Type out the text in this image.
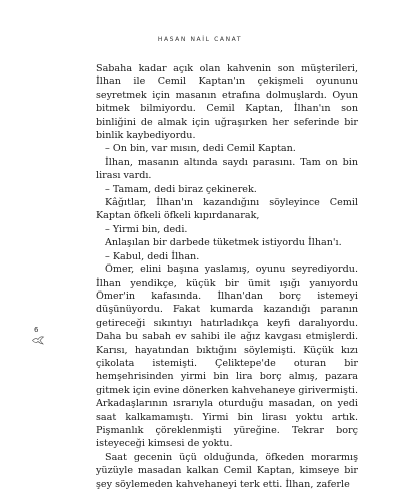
HASAN NAİL CANAT
6

Sabaha kadar açık olan kahvenin son müşterileri, İlhan ile Cemil Kaptan'ın çekişmeli oyununu seyretmek için masanın etrafına dolmuşlardı. Oyun bitmek bilmiyordu. Cemil Kaptan, İlhan'ın son binliğini de almak için uğraşırken her seferinde bir binlik kaybediyordu.

– On bin, var mısın, dedi Cemil Kaptan.

İlhan, masanın altında saydı parasını. Tam on bin lirası vardı.

– Tamam, dedi biraz çekinerek.

Kâğıtlar, İlhan'ın kazandığını söyleyince Cemil Kaptan öfkeli öfkeli kıpırdanarak,

– Yirmi bin, dedi.

Anlaşılan bir darbede tüketmek istiyordu İlhan'ı.

– Kabul, dedi İlhan.

Ömer, elini başına yaslamış, oyunu seyrediyordu. İlhan yendikçe, küçük bir ümit ışığı yanıyordu Ömer'in kafasında. İlhan'dan borç istemeyi düşünüyordu. Fakat kumarda kazandığı paranın getireceği sıkıntıyı hatırladıkça keyfi daralıyordu. Daha bu sabah ev sahibi ile ağız kavgası etmişlerdi. Karısı, hayatından bıktığını söylemişti. Küçük kızı çikolata istemişti. Çeliktepe'de oturan bir hemşehrisinden yirmi bin lira borç almış, pazara gitmek için evine dönerken kahvehaneye girivermişti. Arkadaşlarının ısrarıyla oturduğu masadan, on yedi saat kalkamamıştı. Yirmi bin lirası yoktu artık. Pişmanlık çöreklenmişti yüreğine. Tekrar borç isteyeceği kimsesi de yoktu.

Saat gecenin üçü olduğunda, öfkeden morarmış yüzüyle masadan kalkan Cemil Kaptan, kimseye bir şey söylemeden kahvehaneyi terk etti. İlhan, zaferle
